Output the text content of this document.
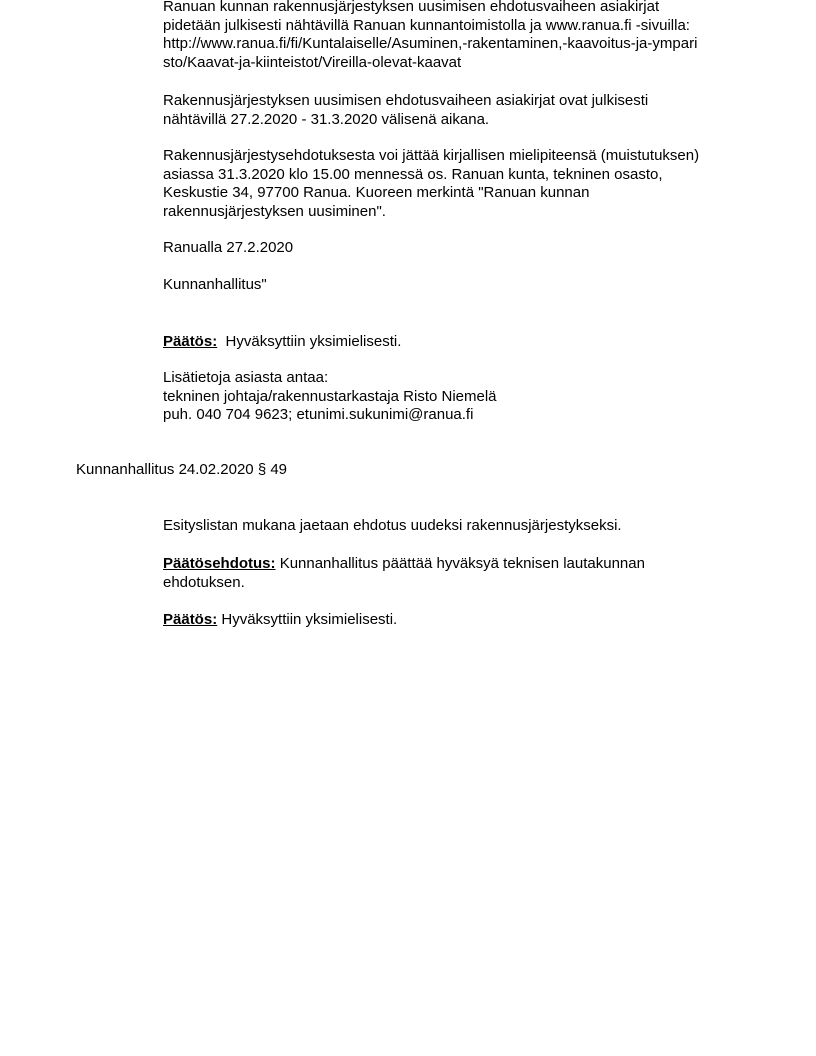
Ranuan kunnan rakennusjärjestyksen uusimisen ehdotusvaiheen asiakirjat
pidetään julkisesti nähtävillä Ranuan kunnantoimistolla ja www.ranua.fi -sivuilla:
http://www.ranua.fi/fi/Kuntalaiselle/Asuminen,-rakentaminen,-kaavoitus-ja-ympari
sto/Kaavat-ja-kiinteistot/Vireilla-olevat-kaavat

Rakennusjärjestyksen uusimisen ehdotusvaiheen asiakirjat ovat julkisesti
nähtävillä 27.2.2020 - 31.3.2020 välisenä aikana.

Rakennusjärjestysehdotuksesta voi jättää kirjallisen mielipiteensä (muistutuksen)
asiassa 31.3.2020 klo 15.00 mennessä os. Ranuan kunta, tekninen osasto,
Keskustie 34, 97700 Ranua. Kuoreen merkintä "Ranuan kunnan
rakennusjärjestyksen uusiminen".

Ranualla 27.2.2020

Kunnanhallitus"

Päätös: Hyväksyttiin yksimielisesti.

Lisätietoja asiasta antaa:
tekninen johtaja/rakennustarkastaja Risto Niemelä
puh. 040 704 9623; etunimi.sukunimi@ranua.fi

Kunnanhallitus 24.02.2020 § 49

Esityslistan mukana jaetaan ehdotus uudeksi rakennusjärjestykseksi.

Päätösehdotus: Kunnanhallitus päättää hyväksyä teknisen lautakunnan
ehdotuksen.

Päätös: Hyväksyttiin yksimielisesti.
